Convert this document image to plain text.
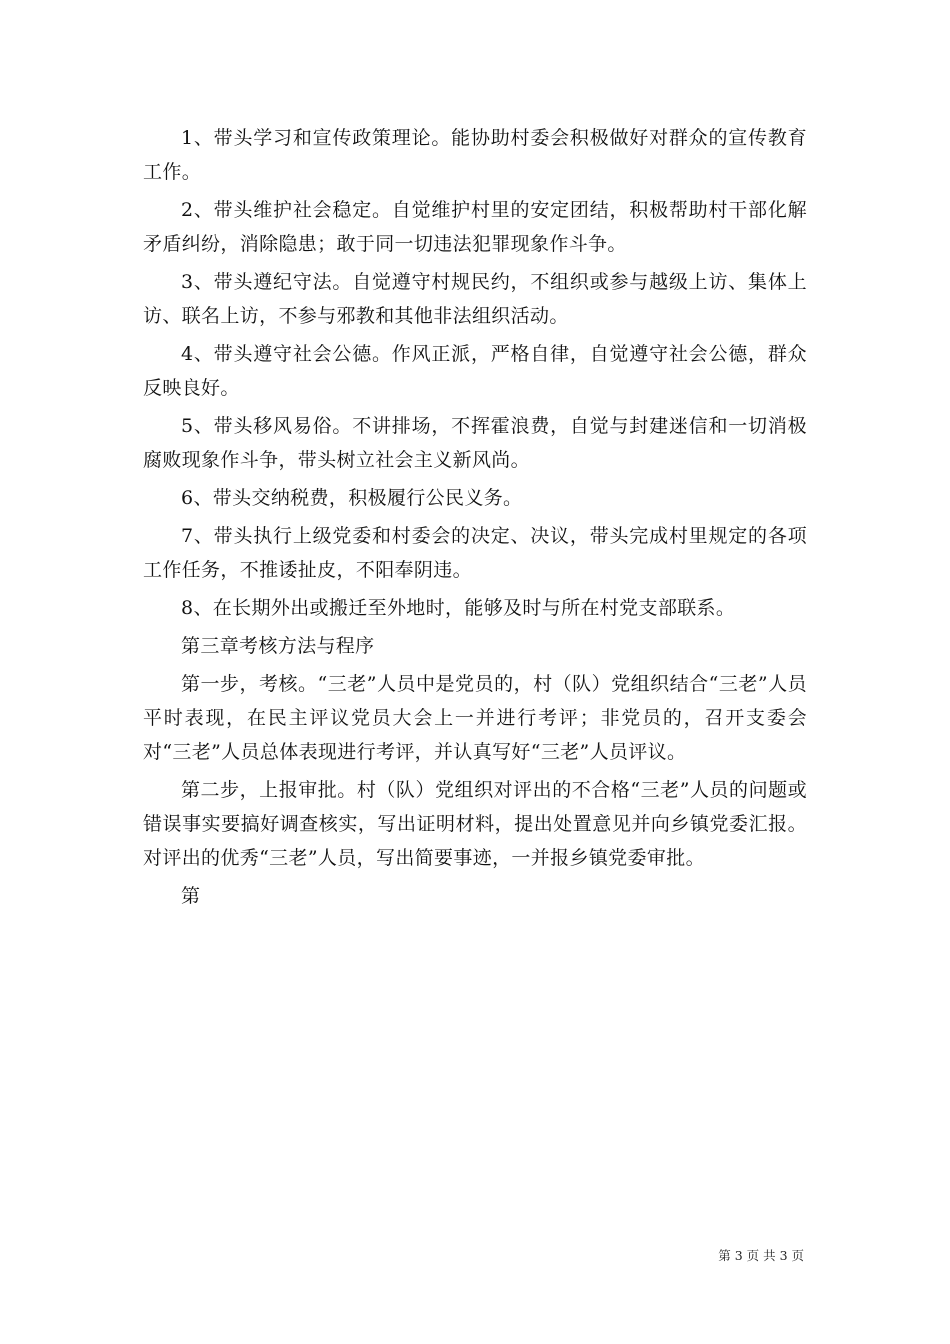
1、带头学习和宣传政策理论。能协助村委会积极做好对群众的宣传教育工作。

2、带头维护社会稳定。自觉维护村里的安定团结，积极帮助村干部化解矛盾纠纷，消除隐患；敢于同一切违法犯罪现象作斗争。

3、带头遵纪守法。自觉遵守村规民约，不组织或参与越级上访、集体上访、联名上访，不参与邪教和其他非法组织活动。

4、带头遵守社会公德。作风正派，严格自律，自觉遵守社会公德，群众反映良好。

5、带头移风易俗。不讲排场，不挥霍浪费，自觉与封建迷信和一切消极腐败现象作斗争，带头树立社会主义新风尚。

6、带头交纳税费，积极履行公民义务。

7、带头执行上级党委和村委会的决定、决议，带头完成村里规定的各项工作任务，不推诿扯皮，不阳奉阴违。

8、在长期外出或搬迁至外地时，能够及时与所在村党支部联系。

第三章考核方法与程序

第一步，考核。“三老”人员中是党员的，村（队）党组织结合“三老”人员平时表现，在民主评议党员大会上一并进行考评；非党员的，召开支委会对“三老”人员总体表现进行考评，并认真写好“三老”人员评议。

第二步，上报审批。村（队）党组织对评出的不合格“三老”人员的问题或错误事实要搞好调查核实，写出证明材料，提出处置意见并向乡镇党委汇报。对评出的优秀“三老”人员，写出简要事迹，一并报乡镇党委审批。

第

第 3 页 共 3 页
